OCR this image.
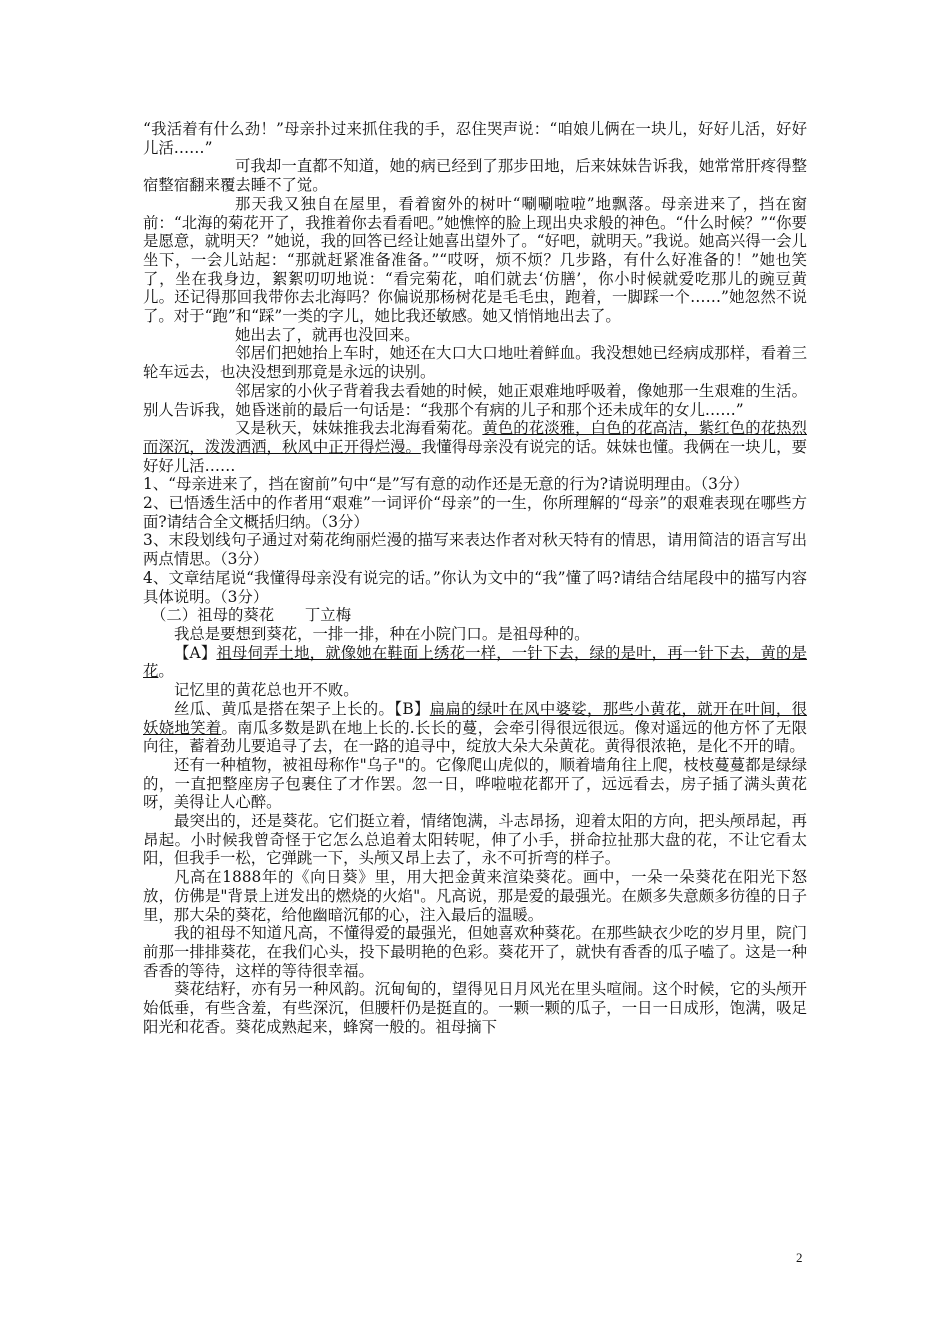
“我活着有什么劲！”母亲扑过来抓住我的手，忍住哭声说：“咱娘儿俩在一块儿，好好儿活，好好儿活……”

可我却一直都不知道，她的病已经到了那步田地，后来妹妹告诉我，她常常肝疼得整宿整宿翻来覆去睡不了觉。

那天我又独自在屋里，看着窗外的树叶“唰唰啦啦”地飘落。母亲进来了，挡在窗前：“北海的菊花开了，我推着你去看看吧。”她憔悴的脸上现出央求般的神色。“什么时候？”“你要是愿意，就明天？”她说，我的回答已经让她喜出望外了。“好吧，就明天。”我说。她高兴得一会儿坐下，一会儿站起：“那就赶紧准备准备。”“哎呀，烦不烦？几步路，有什么好准备的！”她也笑了，坐在我身边，絮絮叨叨地说：“看完菊花，咱们就去‘仿膳’，你小时候就爱吃那儿的豌豆黄儿。还记得那回我带你去北海吗？你偏说那杨树花是毛毛虫，跑着，一脚踩一个……”她忽然不说了。对于“跑”和“踩”一类的字儿，她比我还敏感。她又悄悄地出去了。

她出去了，就再也没回来。

邻居们把她抬上车时，她还在大口大口地吐着鲜血。我没想她已经病成那样，看着三轮车远去，也决没想到那竟是永远的诀别。

邻居家的小伙子背着我去看她的时候，她正艰难地呼吸着，像她那一生艰难的生活。别人告诉我，她昏迷前的最后一句话是：“我那个有病的儿子和那个还未成年的女儿……”

又是秋天，妹妹推我去北海看菊花。黄色的花淡雅，白色的花高洁，紫红色的花热烈而深沉，泼泼洒洒，秋风中正开得烂漫。我懂得母亲没有说完的话。妹妹也懂。我俩在一块儿，要好好儿活……

1、“母亲进来了，挡在窗前”句中“是”写有意的动作还是无意的行为?请说明理由。（3分）

2、已悟透生活中的作者用“艰难”一词评价“母亲”的一生，你所理解的“母亲”的艰难表现在哪些方面?请结合全文概括归纳。（3分）

3、末段划线句子通过对菊花绚丽烂漫的描写来表达作者对秋天特有的情思，请用简洁的语言写出两点情思。（3分）

4、文章结尾说“我懂得母亲没有说完的话。”你认为文中的“我”懂了吗?请结合结尾段中的描写内容具体说明。（3分）

（二）祖母的葵花　　丁立梅

我总是要想到葵花，一排一排，种在小院门口。是祖母种的。

【A】祖母伺弄土地，就像她在鞋面上绣花一样，一针下去，绿的是叶，再一针下去，黄的是花。

记忆里的黄花总也开不败。

丝瓜、黄瓜是搭在架子上长的。【B】扁扁的绿叶在风中婆娑，那些小黄花，就开在叶间，很妖娆地笑着。南瓜多数是趴在地上长的.长长的蔓，会牵引得很远很远。像对遥远的他方怀了无限向往，蓄着劲儿要追寻了去，在一路的追寻中，绽放大朵大朵黄花。黄得很浓艳，是化不开的晴。

还有一种植物，被祖母称作"乌子"的。它像爬山虎似的，顺着墙角往上爬，枝枝蔓蔓都是绿绿的，一直把整座房子包裹住了才作罢。忽一日，哗啦啦花都开了，远远看去，房子插了满头黄花呀，美得让人心醉。

最突出的，还是葵花。它们挺立着，情绪饱满，斗志昂扬，迎着太阳的方向，把头颅昂起，再昂起。小时候我曾奇怪于它怎么总追着太阳转呢，伸了小手，拼命拉扯那大盘的花，不让它看太阳，但我手一松，它弹跳一下，头颅又昂上去了，永不可折弯的样子。

凡高在1888年的《向日葵》里，用大把金黄来渲染葵花。画中，一朵一朵葵花在阳光下怒放，仿佛是"背景上迸发出的燃烧的火焰"。凡高说，那是爱的最强光。在颇多失意颇多彷徨的日子里，那大朵的葵花，给他幽暗沉郁的心，注入最后的温暖。

我的祖母不知道凡高，不懂得爱的最强光，但她喜欢种葵花。在那些缺衣少吃的岁月里，院门前那一排排葵花，在我们心头，投下最明艳的色彩。葵花开了，就快有香香的瓜子嗑了。这是一种香香的等待，这样的等待很幸福。

葵花结籽，亦有另一种风韵。沉甸甸的，望得见日月风光在里头喧闹。这个时候，它的头颅开始低垂，有些含羞，有些深沉，但腰杆仍是挺直的。一颗一颗的瓜子，一日一日成形，饱满，吸足阳光和花香。葵花成熟起来，蜂窝一般的。祖母摘下

2
